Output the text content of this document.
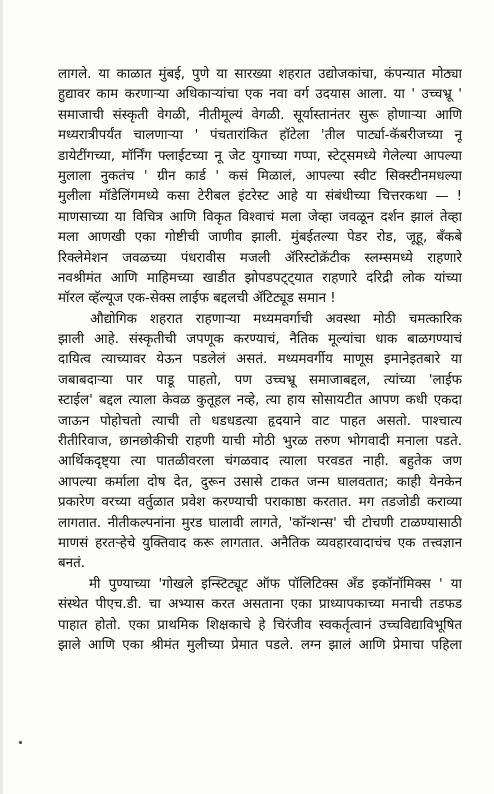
लागले. या काळात मुंबई, पुणे या सारख्या शहरात उद्योजकांचा, कंपन्यात मोठ्या
हुद्यावर काम करणाऱ्या अधिकाऱ्यांचा एक नवा वर्ग उदयास आला. या ' उच्चभ्रू '
समाजाची संस्कृती वेगळी, नीतीमूल्यं वेगळी. सूर्यास्तानंतर सुरू होणाऱ्या आणि
मध्यरात्रीपर्यंत चालणाऱ्या ' पंचतारांकित हॉटेला 'तील पार्ट्या-कॅबरीजच्या नू
डायेटींगच्या, मॉर्निंग फ्लाईटच्या नू जेट युगाच्या गप्पा, स्टेट्समध्ये गेलेल्या आपल्या
मुलाला नुकतंच ' ग्रीन कार्ड ' कसं मिळालं, आपल्या स्वीट सिक्स्टीनमधल्या
मुलीला मॉडेलिंगमध्ये कसा टेरीबल इंटरेस्ट आहे या संबंधीच्या चित्तरकथा — !
माणसाच्या या विचित्र आणि विकृत विश्वाचं मला जेव्हा जवळून दर्शन झालं तेव्हा
मला आणखी एका गोष्टीची जाणीव झाली. मुंबईतल्या पेडर रोड, जूहू, बँकबे
रिक्लेमेशन जवळच्या पंधरावीस मजली ॲरिस्टोक्रॅटीक स्लम्समध्ये राहणारे
नवश्रीमंत आणि माहिमच्या खाडीत झोपडपट्ट्यात राहणारे दरिद्री लोक यांच्या
मॉरल व्हॅल्यूज एक-सेक्स लाईफ बद्दलची ॲटिट्यूड समान !
औद्योगिक शहरात राहणाऱ्या मध्यमवर्गाची अवस्था मोठी चमत्कारिक
झाली आहे. संस्कृतीची जपणूक करण्याचं, नैतिक मूल्यांचा धाक बाळगण्याचं
दायित्व त्याच्यावर येऊन पडलेलं असतं. मध्यमवर्गीय माणूस इमानेइतबारे या
जबाबदाऱ्या पार पाडू पाहतो, पण उच्चभ्रू समाजाबद्दल, त्यांच्या 'लाईफ
स्टाईल' बद्दल त्याला केवळ कुतूहल नव्हे, त्या हाय सोसायटीत आपण कधी एकदा
जाऊन पोहोचतो त्याची तो धडधडत्या हृदयाने वाट पाहत असतो. पाश्चात्य
रीतीरिवाज, छानछोकीची राहणी याची मोठी भुरळ तरुण भोगवादी मनाला पडते.
आर्थिकदृष्ट्या त्या पातळीवरला चंगळवाद त्याला परवडत नाही. बहुतेक जण
आपल्या कर्माला दोष देत, दुरून उसासे टाकत जन्म घालवतात; काही येनकेन
प्रकारेण वरच्या वर्तुळात प्रवेश करण्याची पराकाष्ठा करतात. मग तडजोडी कराव्या
लागतात. नीतीकल्पनांना मुरड घालावी लागते, 'कॉन्शन्स' ची टोचणी टाळण्यासाठी
माणसं हरतऱ्हेचे युक्तिवाद करू लागतात. अनैतिक व्यवहारवादाचंच एक तत्त्वज्ञान
बनतं.
मी पुण्याच्या 'गोखले इन्स्टिट्यूट ऑफ पॉलिटिक्स अँड इकॉनॉमिक्स ' या
संस्थेत पीएच.डी. चा अभ्यास करत असताना एका प्राध्यापकाच्या मनाची तडफड
पाहात होतो. एका प्राथमिक शिक्षकाचे हे चिरंजीव स्वकर्तृत्वानं उच्चविद्याविभूषित
झाले आणि एका श्रीमंत मुलीच्या प्रेमात पडले. लग्न झालं आणि प्रेमाचा पहिला
